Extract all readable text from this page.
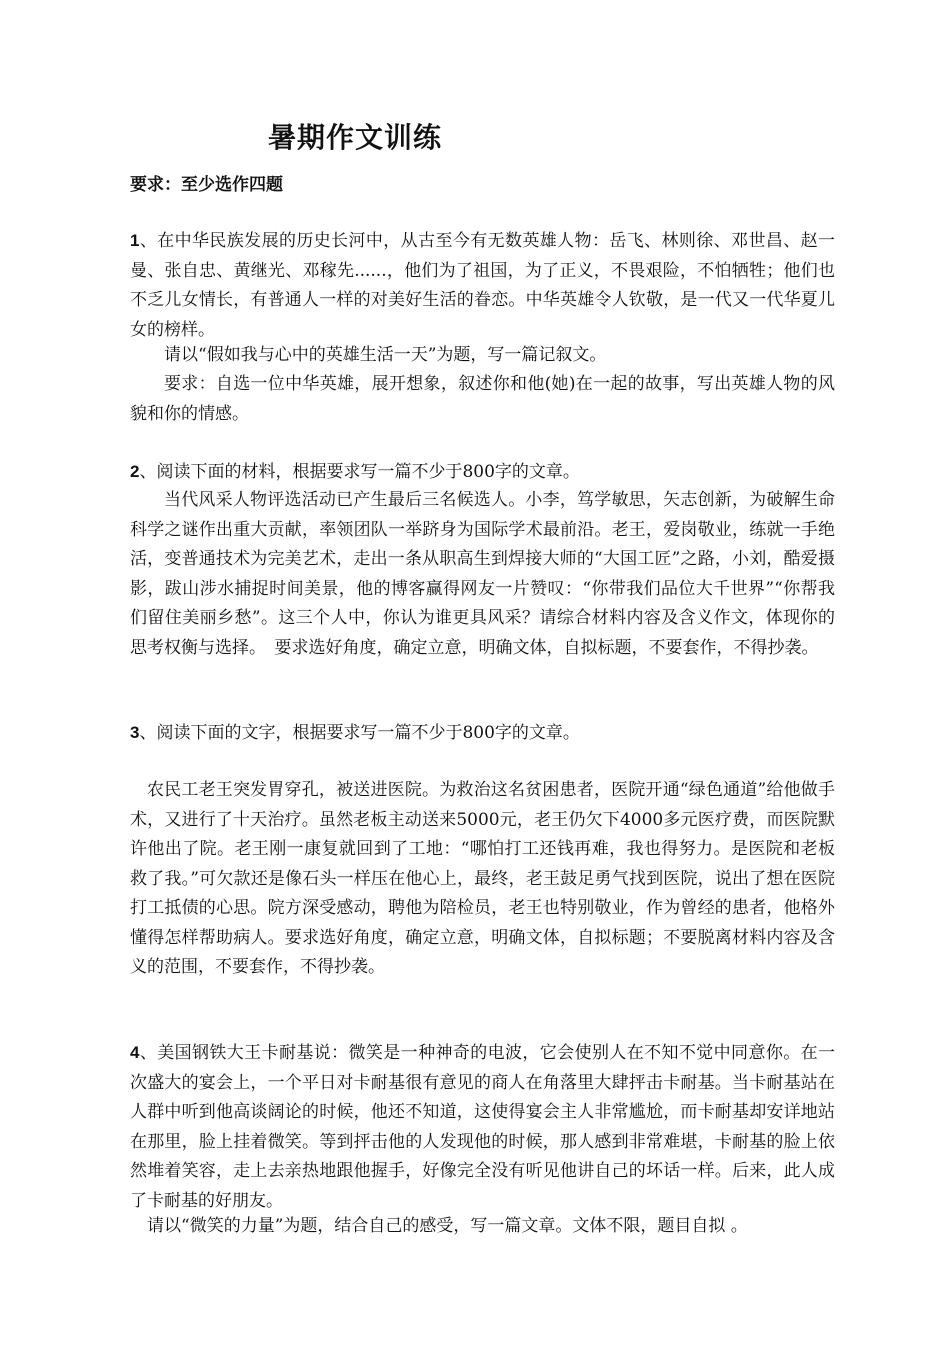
暑期作文训练

要求：至少选作四题

1、在中华民族发展的历史长河中，从古至今有无数英雄人物：岳飞、林则徐、邓世昌、赵一曼、张自忠、黄继光、邓稼先......，他们为了祖国，为了正义，不畏艰险，不怕牺牲；他们也不乏儿女情长，有普通人一样的对美好生活的眷恋。中华英雄令人钦敬，是一代又一代华夏儿女的榜样。

请以“假如我与心中的英雄生活一天”为题，写一篇记叙文。

要求：自选一位中华英雄，展开想象，叙述你和他(她)在一起的故事，写出英雄人物的风貌和你的情感。

2、阅读下面的材料，根据要求写一篇不少于800字的文章。

当代风采人物评选活动已产生最后三名候选人。小李，笃学敏思，矢志创新，为破解生命科学之谜作出重大贡献，率领团队一举跻身为国际学术最前沿。老王，爱岗敬业，练就一手绝活，变普通技术为完美艺术，走出一条从职高生到焊接大师的“大国工匠”之路，小刘，酷爱摄影，跋山涉水捕捉时间美景，他的博客赢得网友一片赞叹：“你带我们品位大千世界”“你帮我们留住美丽乡愁”。这三个人中，你认为谁更具风采？请综合材料内容及含义作文，体现你的思考权衡与选择。　要求选好角度，确定立意，明确文体，自拟标题，不要套作，不得抄袭。

3、阅读下面的文字，根据要求写一篇不少于800字的文章。

农民工老王突发胃穿孔，被送进医院。为救治这名贫困患者，医院开通“绿色通道”给他做手术，又进行了十天治疗。虽然老板主动送来5000元，老王仍欠下4000多元医疗费，而医院默许他出了院。老王刚一康复就回到了工地：“哪怕打工还钱再难，我也得努力。是医院和老板救了我。”可欠款还是像石头一样压在他心上，最终，老王鼓足勇气找到医院，说出了想在医院打工抵债的心思。院方深受感动，聘他为陪检员，老王也特别敬业，作为曾经的患者，他格外懂得怎样帮助病人。要求选好角度，确定立意，明确文体，自拟标题；不要脱离材料内容及含义的范围，不要套作，不得抄袭。

4、美国钢铁大王卡耐基说：微笑是一种神奇的电波，它会使别人在不知不觉中同意你。在一次盛大的宴会上，一个平日对卡耐基很有意见的商人在角落里大肆抨击卡耐基。当卡耐基站在人群中听到他高谈阔论的时候，他还不知道，这使得宴会主人非常尴尬，而卡耐基却安详地站在那里，脸上挂着微笑。等到抨击他的人发现他的时候，那人感到非常难堪，卡耐基的脸上依然堆着笑容，走上去亲热地跟他握手，好像完全没有听见他讲自己的坏话一样。后来，此人成了卡耐基的好朋友。

请以“微笑的力量”为题，结合自己的感受，写一篇文章。文体不限，题目自拟 。
